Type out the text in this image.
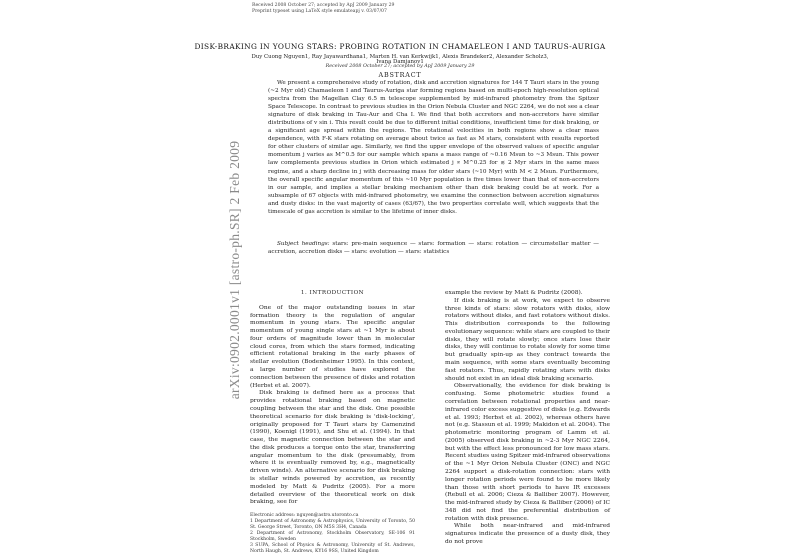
Received 2008 October 27; accepted by ApJ 2009 January 29
Preprint typeset using LaTeX style emulateapj v. 03/07/07
DISK-BRAKING IN YOUNG STARS: PROBING ROTATION IN CHAMAELEON I AND TAURUS-AURIGA
Duy Cuong Nguyen1, Ray Jayawardhana1, Marten H. van Kerkwijk1, Alexis Brandeker2, Alexander Scholz3,
Ivana Damjanov1
Received 2008 October 27; accepted by ApJ 2009 January 29
ABSTRACT

We present a comprehensive study of rotation, disk and accretion signatures for 144 T Tauri stars in the young (~2 Myr old) Chamaeleon I and Taurus-Auriga star forming regions based on multi-epoch high-resolution optical spectra from the Magellan Clay 6.5 m telescope supplemented by mid-infrared photometry from the Spitzer Space Telescope. In contrast to previous studies in the Orion Nebula Cluster and NGC 2264, we do not see a clear signature of disk braking in Tau-Aur and Cha I. We find that both accretors and non-accretors have similar distributions of v sin i. This result could be due to different initial conditions, insufficient time for disk braking, or a significant age spread within the regions. The rotational velocities in both regions show a clear mass dependence, with F-K stars rotating on average about twice as fast as M stars, consistent with results reported for other clusters of similar age. Similarly, we find the upper envelope of the observed values of specific angular momentum j varies as M^0.5 for our sample which spans a mass range of ~0.16 Msun to ~3 Msun. This power law complements previous studies in Orion which estimated j ∝ M^0.25 for ≲ 2 Myr stars in the same mass regime, and a sharp decline in j with decreasing mass for older stars (~10 Myr) with M < 2 Msun. Furthermore, the overall specific angular momentum of this ~10 Myr population is five times lower than that of non-accretors in our sample, and implies a stellar braking mechanism other than disk braking could be at work. For a subsample of 67 objects with mid-infrared photometry, we examine the connection between accretion signatures and dusty disks: in the vast majority of cases (63/67), the two properties correlate well, which suggests that the timescale of gas accretion is similar to the lifetime of inner disks.

Subject headings: stars: pre-main sequence — stars: formation — stars: rotation — circumstellar matter — accretion, accretion disks — stars: evolution — stars: statistics

arXiv:0902.0001v1 [astro-ph.SR] 2 Feb 2009	1. INTRODUCTION

One of the major outstanding issues in star formation theory is the regulation of angular momentum in young stars. The specific angular momentum of young single stars at ~1 Myr is about four orders of magnitude lower than in molecular cloud cores, from which the stars formed, indicating efficient rotational braking in the early phases of stellar evolution (Bodenheimer 1995). In this context, a large number of studies have explored the connection between the presence of disks and rotation (Herbst et al. 2007).

Disk braking is defined here as a process that provides rotational braking based on magnetic coupling between the star and the disk. One possible theoretical scenario for disk braking is 'disk-locking', originally proposed for T Tauri stars by Camenzind (1990), Koenigl (1991), and Shu et al. (1994). In that case, the magnetic connection between the star and the disk produces a torque onto the star, transferring angular momentum to the disk (presumably, from where it is eventually removed by, e.g., magnetically driven winds). An alternative scenario for disk braking is stellar winds powered by accretion, as recently modeled by Matt & Pudritz (2005). For a more detailed overview of the theoretical work on disk braking, see for

Electronic address: nguyen@astro.utoronto.ca
1 Department of Astronomy & Astrophysics, University of Toronto, 50 St. George Street, Toronto, ON M5S 3H4, Canada
2 Department of Astronomy, Stockholm Observatory, SE-106 91 Stockholm, Sweden
3 SUPA, School of Physics & Astronomy, University of St. Andrews, North Haugh, St. Andrews, KY16 9SS, United Kingdom

example the review by Matt & Pudritz (2008).

If disk braking is at work, we expect to observe three kinds of stars: slow rotators with disks, slow rotators without disks, and fast rotators without disks. This distribution corresponds to the following evolutionary sequence: while stars are coupled to their disks, they will rotate slowly; once stars lose their disks, they will continue to rotate slowly for some time but gradually spin-up as they contract towards the main sequence, with some stars eventually becoming fast rotators. Thus, rapidly rotating stars with disks should not exist in an ideal disk braking scenario.

Observationally, the evidence for disk braking is confusing. Some photometric studies found a correlation between rotational properties and near-infrared color excess suggestive of disks (e.g. Edwards et al. 1993; Herbst et al. 2002), whereas others have not (e.g. Stassun et al. 1999; Makidon et al. 2004). The photometric monitoring program of Lamm et al. (2005) observed disk braking in ~2-3 Myr NGC 2264, but with the effect less pronounced for low mass stars. Recent studies using Spitzer mid-infrared observations of the ~1 Myr Orion Nebula Cluster (ONC) and NGC 2264 support a disk-rotation connection: stars with longer rotation periods were found to be more likely than those with short periods to have IR excesses (Rebull et al. 2006; Cieza & Balliber 2007). However, the mid-infrared study by Cieza & Balliber (2006) of IC 348 did not find the preferential distribution of rotation with disk presence.

While both near-infrared and mid-infrared signatures indicate the presence of a dusty disk, they do not prove
